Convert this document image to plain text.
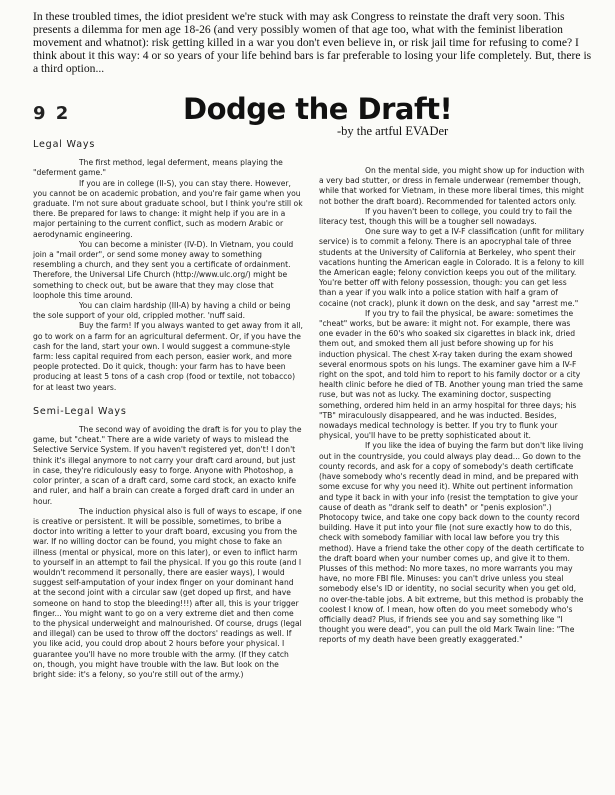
In these troubled times, the idiot president we're stuck with may ask Congress to reinstate the draft very soon. This presents a dilemma for men age 18-26 (and very possibly women of that age too, what with the feminist liberation movement and whatnot): risk getting killed in a war you don't even believe in, or risk jail time for refusing to come? I think about it this way: 4 or so years of your life behind bars is far preferable to losing your life completely. But, there is a third option...

9 2	Dodge the Draft!
-by the artful EVADer
Legal Ways

The first method, legal deferment, means playing the "deferment game."

If you are in college (II-S), you can stay there. However, you cannot be on academic probation, and you're fair game when you graduate. I'm not sure about graduate school, but I think you're still ok there. Be prepared for laws to change: it might help if you are in a major pertaining to the current conflict, such as modern Arabic or aerodynamic engineering.

You can become a minister (IV-D). In Vietnam, you could join a "mail order", or send some money away to something resembling a church, and they sent you a certificate of ordainment. Therefore, the Universal Life Church (http://www.ulc.org/) might be something to check out, but be aware that they may close that loophole this time around.

You can claim hardship (III-A) by having a child or being the sole support of your old, crippled mother. 'nuff said.

Buy the farm! If you always wanted to get away from it all, go to work on a farm for an agricultural deferment. Or, if you have the cash for the land, start your own. I would suggest a commune-style farm: less capital required from each person, easier work, and more people protected. Do it quick, though: your farm has to have been producing at least 5 tons of a cash crop (food or textile, not tobacco) for at least two years.

Semi-Legal Ways

The second way of avoiding the draft is for you to play the game, but "cheat." There are a wide variety of ways to mislead the Selective Service System. If you haven't registered yet, don't! I don't think it's illegal anymore to not carry your draft card around, but just in case, they're ridiculously easy to forge. Anyone with Photoshop, a color printer, a scan of a draft card, some card stock, an exacto knife and ruler, and half a brain can create a forged draft card in under an hour.

The induction physical also is full of ways to escape, if one is creative or persistent. It will be possible, sometimes, to bribe a doctor into writing a letter to your draft board, excusing you from the war. If no willing doctor can be found, you might chose to fake an illness (mental or physical, more on this later), or even to inflict harm to yourself in an attempt to fail the physical. If you go this route (and I wouldn't recommend it personally, there are easier ways), I would suggest self-amputation of your index finger on your dominant hand at the second joint with a circular saw (get doped up first, and have someone on hand to stop the bleeding!!!) after all, this is your trigger finger... You might want to go on a very extreme diet and then come to the physical underweight and malnourished. Of course, drugs (legal and illegal) can be used to throw off the doctors' readings as well. If you like acid, you could drop about 2 hours before your physical. I guarantee you'll have no more trouble with the army. (If they catch on, though, you might have trouble with the law. But look on the bright side: it's a felony, so you're still out of the army.)

On the mental side, you might show up for induction with a very bad stutter, or dress in female underwear (remember though, while that worked for Vietnam, in these more liberal times, this might not bother the draft board). Recommended for talented actors only.

If you haven't been to college, you could try to fail the literacy test, though this will be a tougher sell nowadays.

One sure way to get a IV-F classification (unfit for military service) is to commit a felony. There is an apocryphal tale of three students at the University of California at Berkeley, who spent their vacations hunting the American eagle in Colorado. It is a felony to kill the American eagle; felony conviction keeps you out of the military. You're better off with felony possession, though: you can get less than a year if you walk into a police station with half a gram of cocaine (not crack), plunk it down on the desk, and say "arrest me."

If you try to fail the physical, be aware: sometimes the "cheat" works, but be aware: it might not. For example, there was one evader in the 60's who soaked six cigarettes in black ink, dried them out, and smoked them all just before showing up for his induction physical. The chest X-ray taken during the exam showed several enormous spots on his lungs. The examiner gave him a IV-F right on the spot, and told him to report to his family doctor or a city health clinic before he died of TB. Another young man tried the same ruse, but was not as lucky. The examining doctor, suspecting something, ordered him held in an army hospital for three days; his "TB" miraculously disappeared, and he was inducted. Besides, nowadays medical technology is better. If you try to flunk your physical, you'll have to be pretty sophisticated about it.

If you like the idea of buying the farm but don't like living out in the countryside, you could always play dead... Go down to the county records, and ask for a copy of somebody's death certificate (have somebody who's recently dead in mind, and be prepared with some excuse for why you need it). White out pertinent information and type it back in with your info (resist the temptation to give your cause of death as "drank self to death" or "penis explosion".) Photocopy twice, and take one copy back down to the county record building. Have it put into your file (not sure exactly how to do this, check with somebody familiar with local law before you try this method). Have a friend take the other copy of the death certificate to the draft board when your number comes up, and give it to them. Plusses of this method: No more taxes, no more warrants you may have, no more FBI file. Minuses: you can't drive unless you steal somebody else's ID or identity, no social security when you get old, no over-the-table jobs. A bit extreme, but this method is probably the coolest I know of. I mean, how often do you meet somebody who's officially dead? Plus, if friends see you and say something like "I thought you were dead", you can pull the old Mark Twain line: "The reports of my death have been greatly exaggerated."
